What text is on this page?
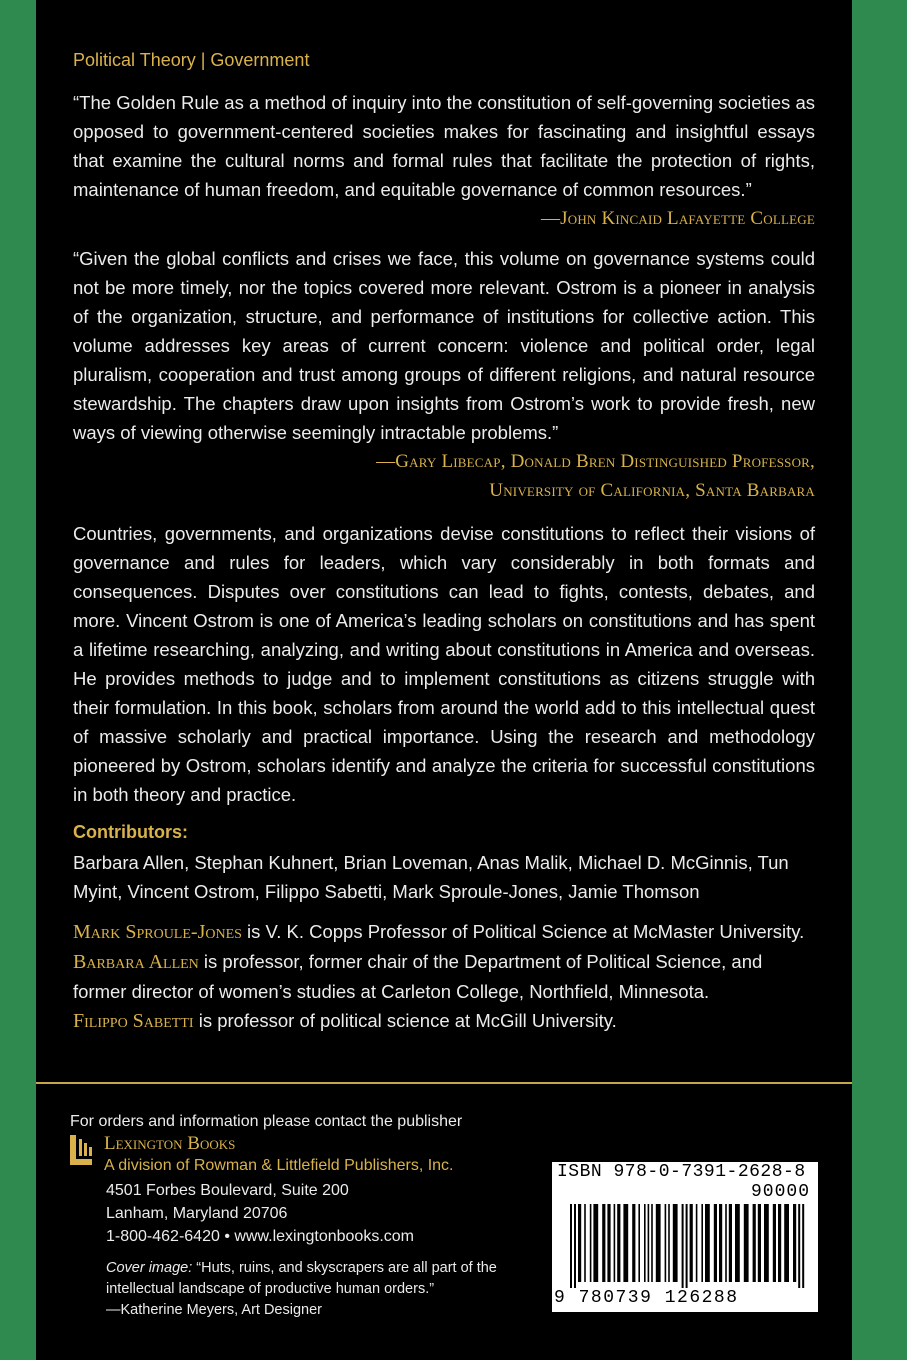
Political Theory | Government
“The Golden Rule as a method of inquiry into the constitution of self-governing societies as opposed to government-centered societies makes for fascinating and insightful essays that examine the cultural norms and formal rules that facilitate the protection of rights, maintenance of human freedom, and equitable governance of common resources.”
—John Kincaid Lafayette College
“Given the global conflicts and crises we face, this volume on governance systems could not be more timely, nor the topics covered more relevant. Ostrom is a pioneer in analysis of the organization, structure, and performance of institutions for collective action. This volume addresses key areas of current concern: violence and political order, legal pluralism, cooperation and trust among groups of different religions, and natural resource stewardship. The chapters draw upon insights from Ostrom’s work to provide fresh, new ways of viewing otherwise seemingly intractable problems.”
—Gary Libecap, Donald Bren Distinguished Professor,
University of California, Santa Barbara
Countries, governments, and organizations devise constitutions to reflect their visions of governance and rules for leaders, which vary considerably in both formats and consequences. Disputes over constitutions can lead to fights, contests, debates, and more. Vincent Ostrom is one of America’s leading scholars on constitutions and has spent a lifetime researching, analyzing, and writing about constitutions in America and overseas. He provides methods to judge and to implement constitutions as citizens struggle with their formulation. In this book, scholars from around the world add to this intellectual quest of massive scholarly and practical importance. Using the research and methodology pioneered by Ostrom, scholars identify and analyze the criteria for successful constitutions in both theory and practice.
Contributors:
Barbara Allen, Stephan Kuhnert, Brian Loveman, Anas Malik, Michael D. McGinnis, Tun Myint, Vincent Ostrom, Filippo Sabetti, Mark Sproule-Jones, Jamie Thomson
Mark Sproule-Jones is V. K. Copps Professor of Political Science at McMaster University.
Barbara Allen is professor, former chair of the Department of Political Science, and former director of women’s studies at Carleton College, Northfield, Minnesota.
Filippo Sabetti is professor of political science at McGill University.
For orders and information please contact the publisher
Lexington Books
A division of Rowman & Littlefield Publishers, Inc.
4501 Forbes Boulevard, Suite 200
Lanham, Maryland 20706
1-800-462-6420 • www.lexingtonbooks.com
Cover image: “Huts, ruins, and skyscrapers are all part of the intellectual landscape of productive human orders.”
—Katherine Meyers, Art Designer
ISBN 978-0-7391-2628-8
90000
9 780739 126288
